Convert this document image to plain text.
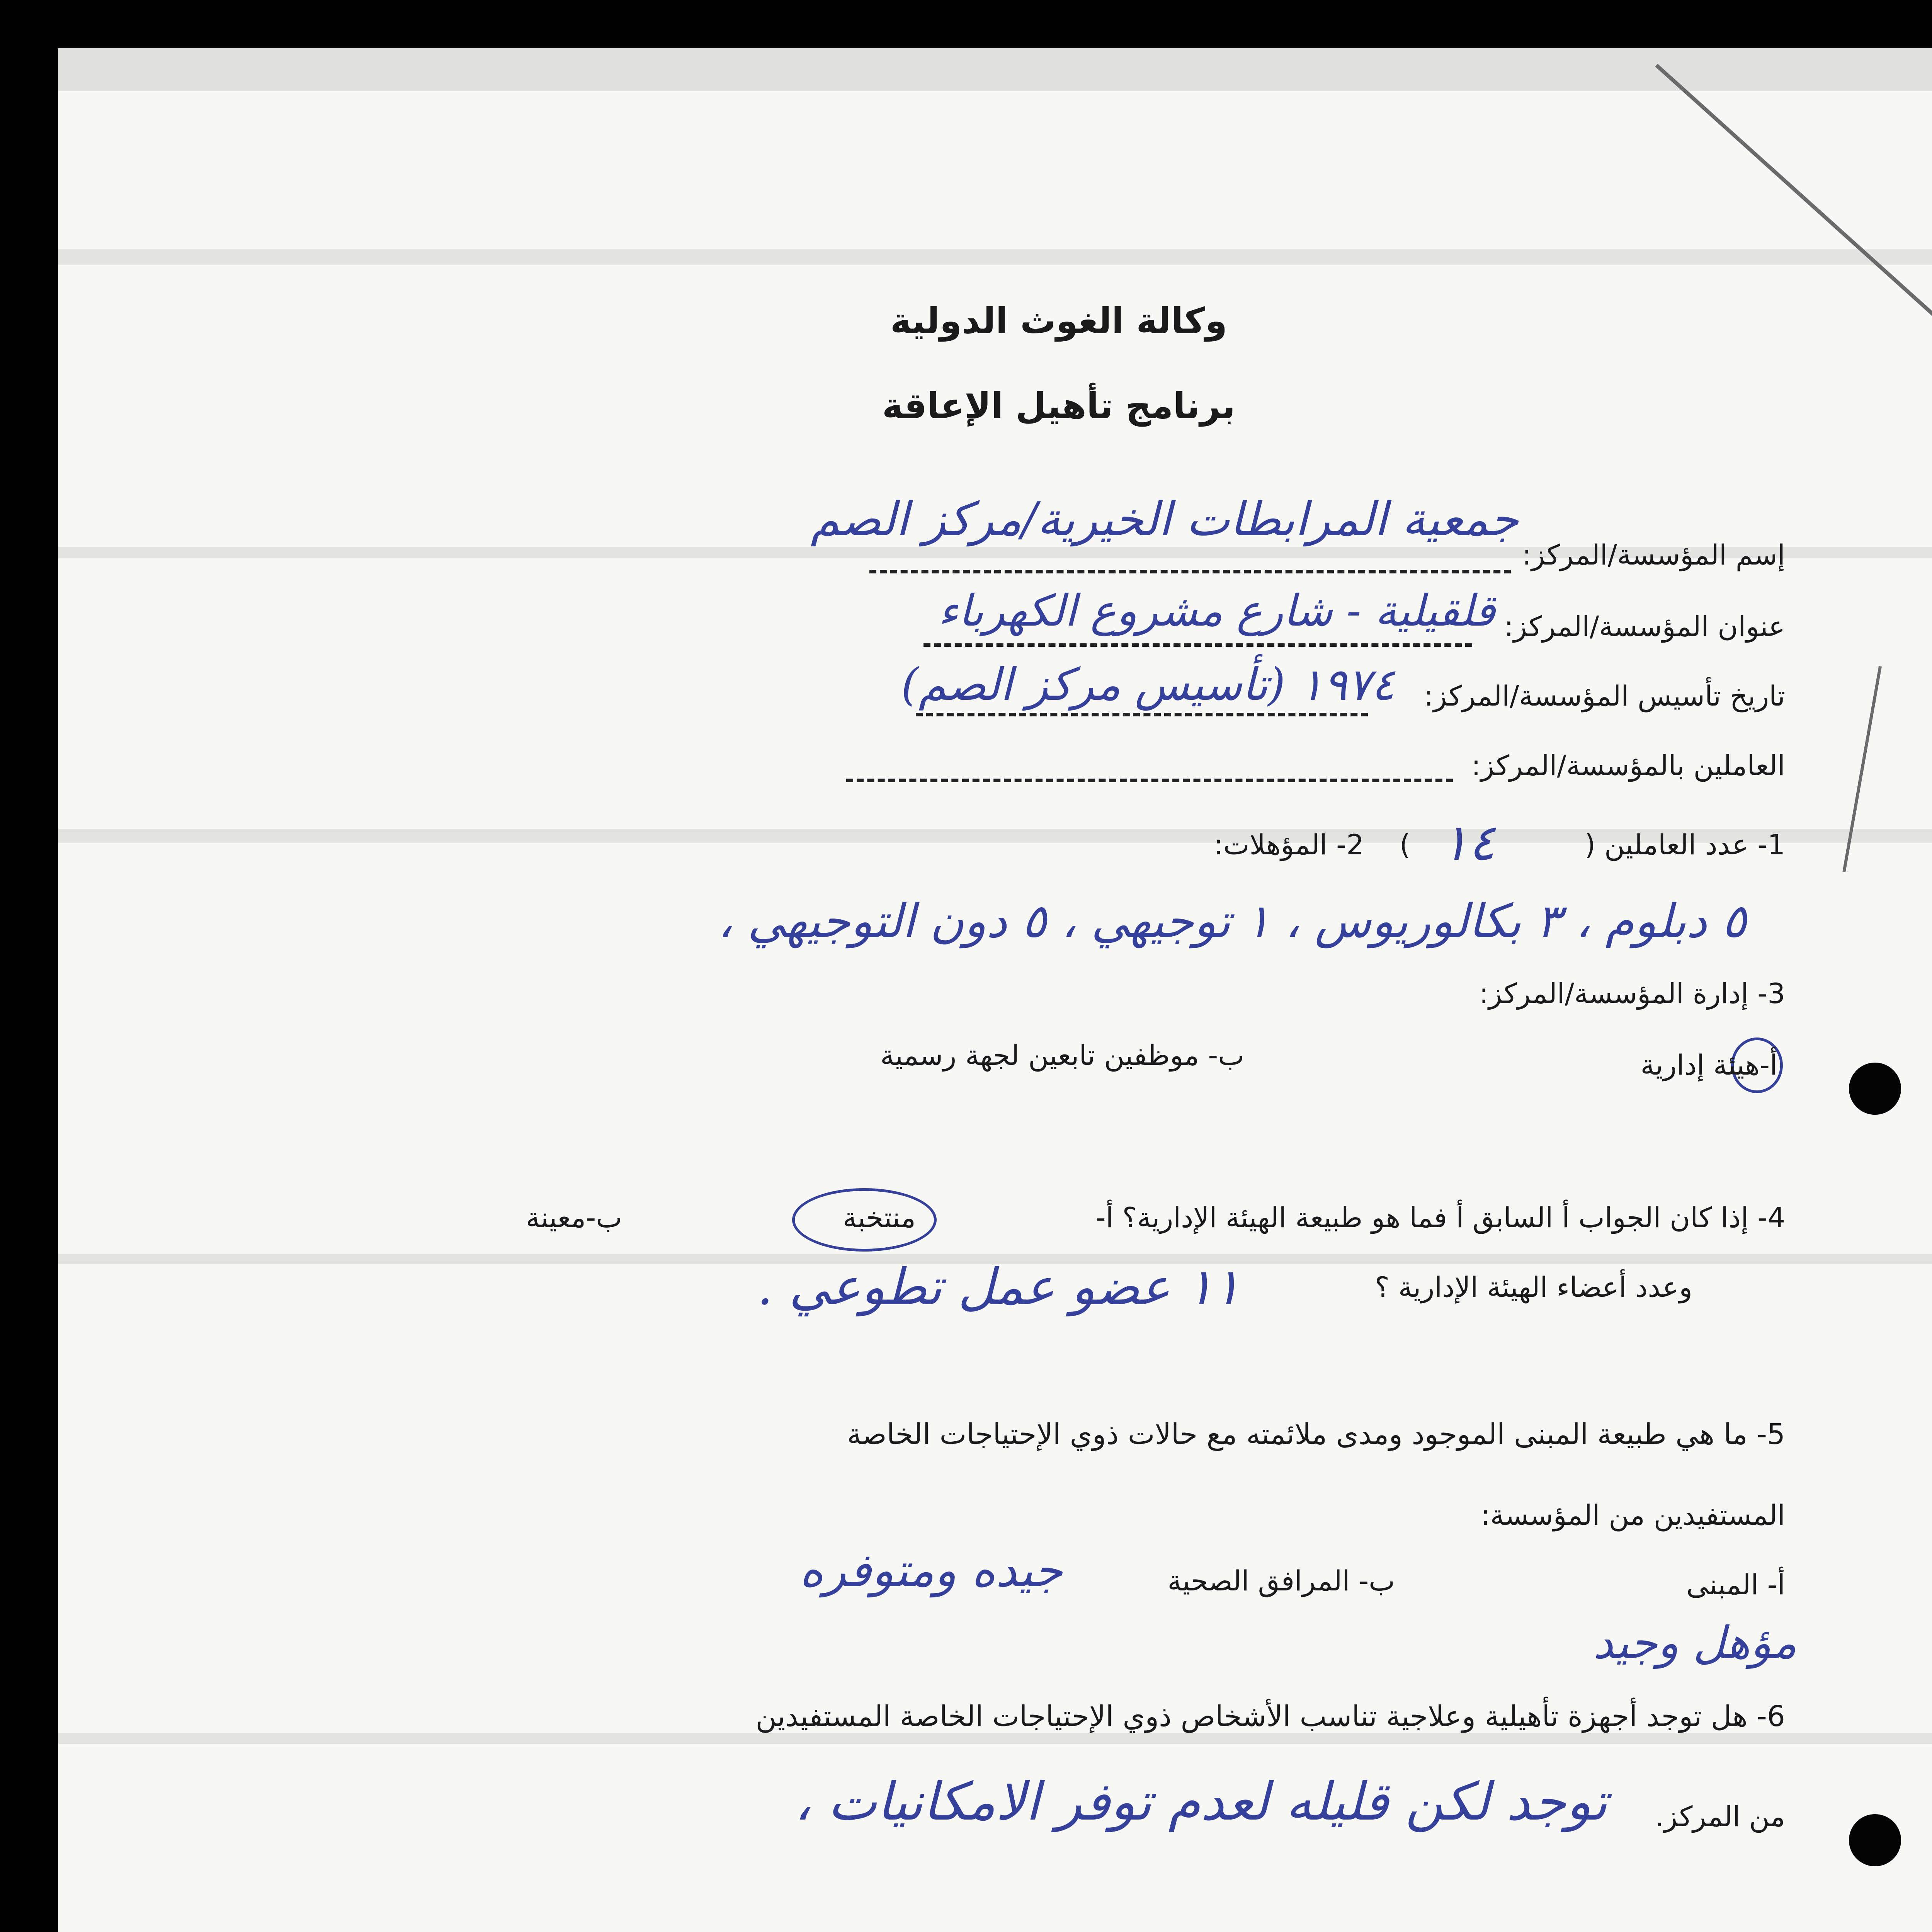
وكالة الغوث الدولية
برنامج تأهيل الإعاقة
إسم المؤسسة/المركز:
جمعية المرابطات الخيرية/مركز الصم
عنوان المؤسسة/المركز:
قلقيلية - شارع مشروع الكهرباء
تاريخ تأسيس المؤسسة/المركز:
١٩٧٤ (تأسيس مركز الصم)
العاملين بالمؤسسة/المركز:
1- عدد العاملين (
١٤
)
2- المؤهلات:
٥ دبلوم ، ٣ بكالوريوس ، ١ توجيهي ، ٥ دون التوجيهي ،
3- إدارة المؤسسة/المركز:
أ-هيئة إدارية
ب- موظفين تابعين لجهة رسمية
4- إذا كان الجواب أ السابق أ فما هو طبيعة الهيئة الإدارية؟ أ-
منتخبة
ب-معينة
وعدد أعضاء الهيئة الإدارية ؟
١١ عضو عمل تطوعي .
5- ما هي طبيعة المبنى الموجود ومدى ملائمته مع حالات ذوي الإحتياجات الخاصة
المستفيدين من المؤسسة:
أ- المبنى
ب- المرافق الصحية
جيده ومتوفره
مؤهل وجيد
6- هل توجد أجهزة تأهيلية وعلاجية تناسب الأشخاص ذوي الإحتياجات الخاصة المستفيدين
من المركز.
توجد لكن قليله لعدم توفر الامكانيات ،
